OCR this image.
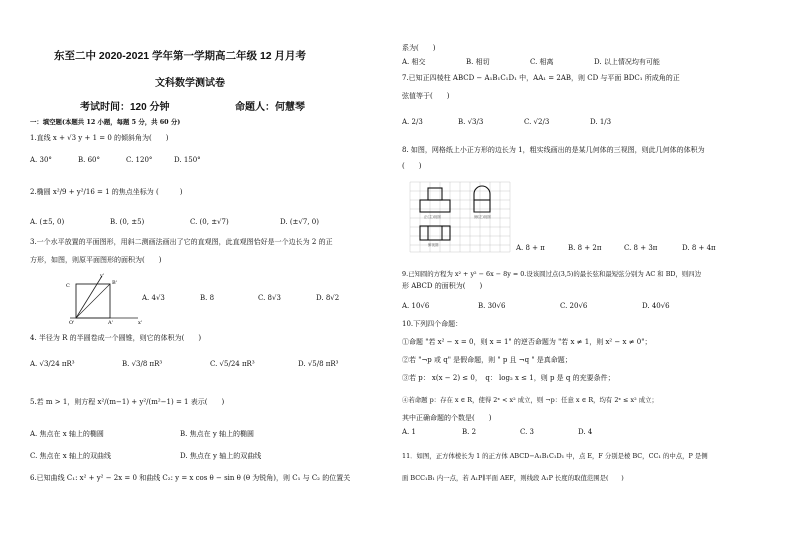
东至二中 2020-2021 学年第一学期高二年级 12 月月考
文科数学测试卷
考试时间：120 分钟	命题人：何慧琴
一：填空题(本题共 12 小题，每题 5 分，共 60 分)
1.直线 x + √3 y + 1 = 0 的倾斜角为(　　)
A. 30°	B. 60°	C. 120°	D. 150°
2.椭圆 x²/9 + y²/16 = 1 的焦点坐标为 (　　　)
A. (±5, 0)	B. (0, ±5)	C. (0, ±√7)	D. (±√7, 0)
3.一个水平放置的平面图形，用斜二测画法画出了它的直观图，此直观图恰好是一个边长为 2 的正
方形，如图，则原平面图形的面积为(　　)
C
y'
B'
O'	A'	x'
A. 4√3	B. 8	C. 8√3	D. 8√2
4. 半径为 R 的半圆卷成一个圆锥，则它的体积为(　　)
A. √3/24 πR³	B. √3/8 πR³	C. √5/24 πR³	D. √5/8 πR³
5.若 m > 1，则方程 x²/(m−1) + y²/(m²−1) = 1 表示(　　)
A. 焦点在 x 轴上的椭圆	B. 焦点在 y 轴上的椭圆
C. 焦点在 x 轴上的双曲线	D. 焦点在 y 轴上的双曲线
6.已知曲线 C₁: x² + y² − 2x = 0 和曲线 C₂: y = x cos θ − sin θ (θ 为锐角)，则 C₁ 与 C₂ 的位置关
系为(　　)
A. 相交	B. 相切	C. 相离	D. 以上情况均有可能
7.已知正四棱柱 ABCD − A₁B₁C₁D₁ 中，AA₁ = 2AB，则 CD 与平面 BDC₁ 所成角的正
弦值等于(　　)
A. 2/3	B. √3/3	C. √2/3	D. 1/3
8. 如图，网格纸上小正方形的边长为 1，粗实线画出的是某几何体的三视图，则此几何体的体积为
(　　)
正(主)视图	侧(左)视图
俯视图	A. 8 + π	B. 8 + 2π	C. 8 + 3π	D. 8 + 4π
9.已知圆的方程为 x² + y² − 6x − 8y = 0.设该圆过点(3,5)的最长弦和最短弦分别为 AC 和 BD，则四边
形 ABCD 的面积为(　　)
A. 10√6	B. 30√6	C. 20√6	D. 40√6
10.下列四个命题：
①命题 "若 x² − x = 0，则 x = 1" 的逆否命题为 "若 x ≠ 1，则 x² − x ≠ 0"；
②若 "¬p 或 q" 是假命题，则 " p 且 ¬q " 是真命题；
③若 p： x(x − 2) ≤ 0，　q： log₂ x ≤ 1，则 p 是 q 的充要条件；
④若命题 p：存在 x ∈ R，使得 2ˣ < x² 成立，则 ¬p：任意 x ∈ R，均有 2ˣ ≤ x² 成立；
其中正确命题的个数是(　　)
A. 1	B. 2	C. 3	D. 4
11．如图，正方体棱长为 1 的正方体 ABCD−A₁B₁C₁D₁ 中，点 E，F 分别是棱 BC，CC₁ 的中点，P 是侧
面 BCC₁B₁ 内一点，若 A₁P∥平面 AEF，则线段 A₁P 长度的取值范围是(　　)
